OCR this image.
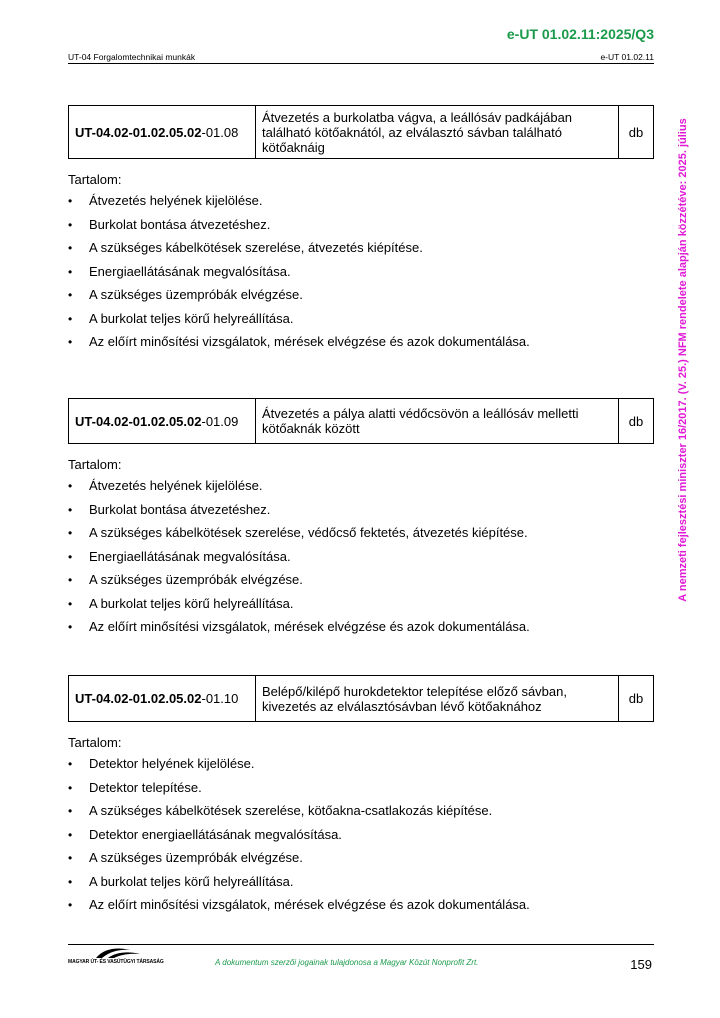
e-UT 01.02.11:2025/Q3
UT-04 Forgalomtechnikai munkák	e-UT 01.02.11
A nemzeti fejlesztési miniszter 16/2017. (V. 25.) NFM rendelete alapján közzétéve: 2025. július
UT-04.02-01.02.05.02-01.08	Átvezetés a burkolatba vágva, a leállósáv padkájában található kötőaknától, az elválasztó sávban található kötőaknáig	db
Tartalom:
• Átvezetés helyének kijelölése.
• Burkolat bontása átvezetéshez.
• A szükséges kábelkötések szerelése, átvezetés kiépítése.
• Energiaellátásának megvalósítása.
• A szükséges üzempróbák elvégzése.
• A burkolat teljes körű helyreállítása.
• Az előírt minősítési vizsgálatok, mérések elvégzése és azok dokumentálása.
UT-04.02-01.02.05.02-01.09	Átvezetés a pálya alatti védőcsövön a leállósáv melletti kötőaknák között	db
Tartalom:
• Átvezetés helyének kijelölése.
• Burkolat bontása átvezetéshez.
• A szükséges kábelkötések szerelése, védőcső fektetés, átvezetés kiépítése.
• Energiaellátásának megvalósítása.
• A szükséges üzempróbák elvégzése.
• A burkolat teljes körű helyreállítása.
• Az előírt minősítési vizsgálatok, mérések elvégzése és azok dokumentálása.
UT-04.02-01.02.05.02-01.10	Belépő/kilépő hurokdetektor telepítése előző sávban, kivezetés az elválasztósávban lévő kötőaknához	db
Tartalom:
• Detektor helyének kijelölése.
• Detektor telepítése.
• A szükséges kábelkötések szerelése, kötőakna-csatlakozás kiépítése.
• Detektor energiaellátásának megvalósítása.
• A szükséges üzempróbák elvégzése.
• A burkolat teljes körű helyreállítása.
• Az előírt minősítési vizsgálatok, mérések elvégzése és azok dokumentálása.
MAGYAR ÚT- ÉS VASÚTÜGYI TÁRSASÁG	A dokumentum szerzői jogainak tulajdonosa a Magyar Közút Nonprofit Zrt.	159
